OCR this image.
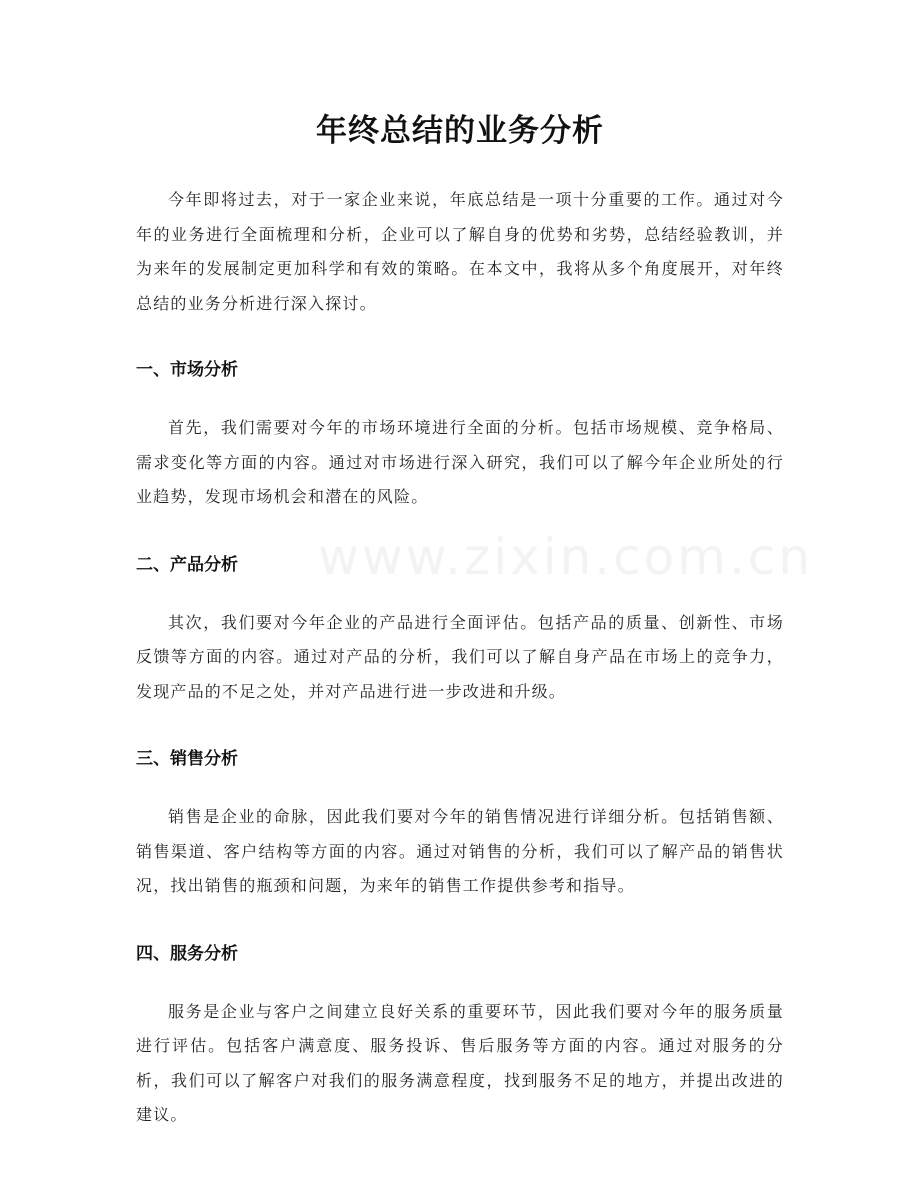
年终总结的业务分析

今年即将过去，对于一家企业来说，年底总结是一项十分重要的工作。通过对今年的业务进行全面梳理和分析，企业可以了解自身的优势和劣势，总结经验教训，并为来年的发展制定更加科学和有效的策略。在本文中，我将从多个角度展开，对年终总结的业务分析进行深入探讨。

一、市场分析

首先，我们需要对今年的市场环境进行全面的分析。包括市场规模、竞争格局、需求变化等方面的内容。通过对市场进行深入研究，我们可以了解今年企业所处的行业趋势，发现市场机会和潜在的风险。

二、产品分析

其次，我们要对今年企业的产品进行全面评估。包括产品的质量、创新性、市场反馈等方面的内容。通过对产品的分析，我们可以了解自身产品在市场上的竞争力，发现产品的不足之处，并对产品进行进一步改进和升级。

三、销售分析

销售是企业的命脉，因此我们要对今年的销售情况进行详细分析。包括销售额、销售渠道、客户结构等方面的内容。通过对销售的分析，我们可以了解产品的销售状况，找出销售的瓶颈和问题，为来年的销售工作提供参考和指导。

四、服务分析

服务是企业与客户之间建立良好关系的重要环节，因此我们要对今年的服务质量进行评估。包括客户满意度、服务投诉、售后服务等方面的内容。通过对服务的分析，我们可以了解客户对我们的服务满意程度，找到服务不足的地方，并提出改进的建议。

www.zixin.com.cn
